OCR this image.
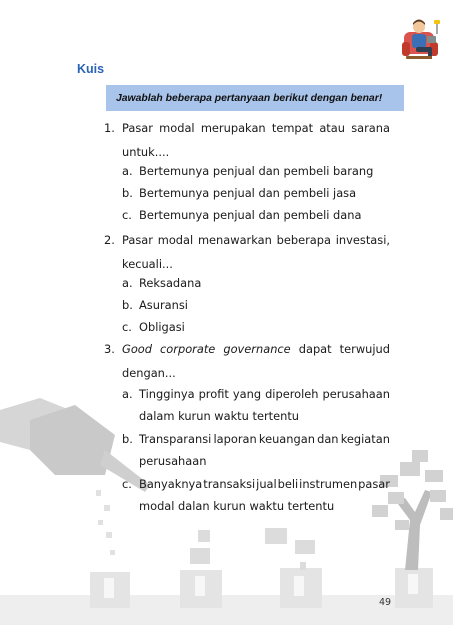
Kuis
Jawablah beberapa pertanyaan berikut dengan benar!
1. Pasar modal merupakan tempat atau sarana
untuk....
a. Bertemunya penjual dan pembeli barang
b. Bertemunya penjual dan pembeli jasa
c. Bertemunya penjual dan pembeli dana
2. Pasar modal menawarkan beberapa investasi,
kecuali...
a. Reksadana
b. Asuransi
c. Obligasi
3. Good corporate governance dapat terwujud
dengan...
a. Tingginya profit yang diperoleh perusahaan
dalam kurun waktu tertentu
b. Transparansi laporan keuangan dan kegiatan
perusahaan
c. Banyaknya transaksi jual beli instrumen pasar
modal dalan kurun waktu tertentu
49
